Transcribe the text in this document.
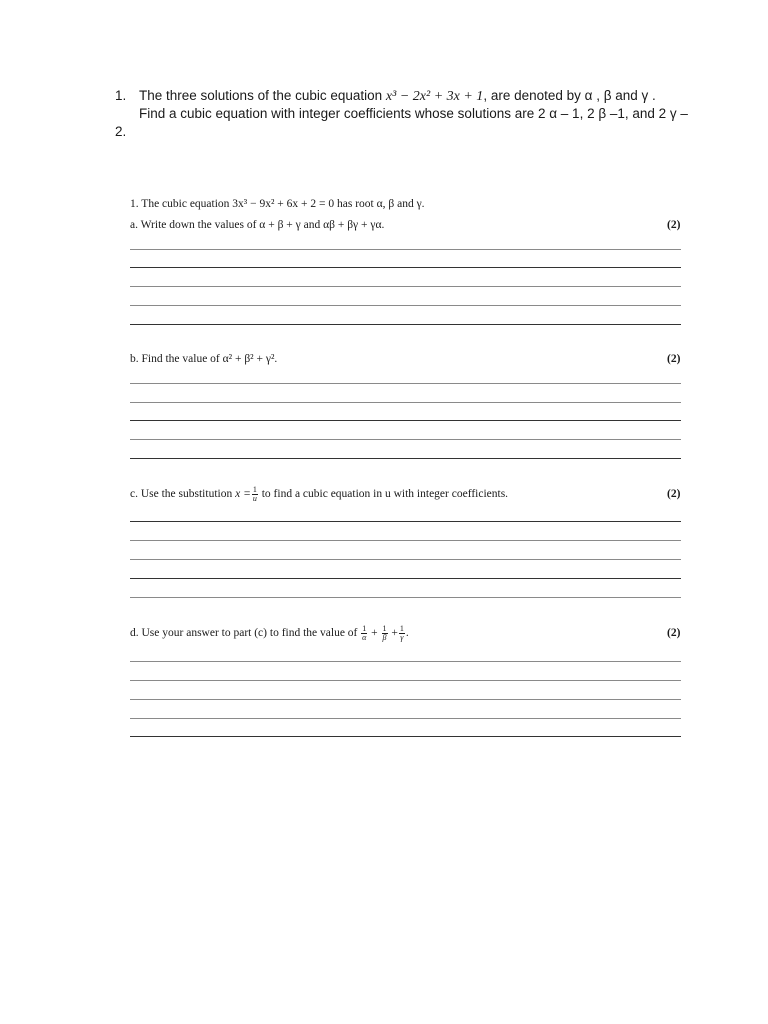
1. The three solutions of the cubic equation x³ − 2x² + 3x + 1, are denoted by α , β and γ .
Find a cubic equation with integer coefficients whose solutions are 2 α – 1, 2 β –1, and 2 γ –
2.
1. The cubic equation 3x³ − 9x² + 6x + 2 = 0 has root α, β and γ.
a. Write down the values of α + β + γ and αβ + βγ + γα.	(2)
b. Find the value of α² + β² + γ².	(2)
c. Use the substitution $x = \frac{1}{u}$ to find a cubic equation in u with integer coefficients.	(2)
d. Use your answer to part (c) to find the value of $\frac{1}{\alpha} + \frac{1}{\beta} + \frac{1}{\gamma}$ .	(2)
